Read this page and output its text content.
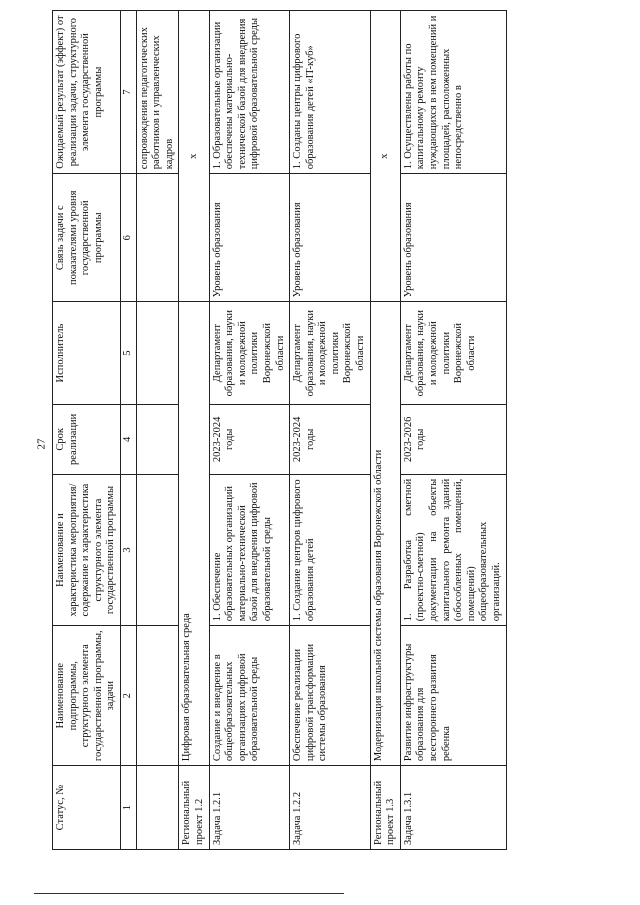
27
Статус, №	Наименование подпрограммы, структурного элемента государственной программы, задачи	Наименование и характеристика мероприятия/содержание и характеристика структурного элемента государственной программы	Срок реализации	Исполнитель	Связь задачи с показателями уровня государственной программы	Ожидаемый результат (эффект) от реализации задачи, структурного элемента государственной программы
1	2	3	4	5	6	7
						сопровождения педагогических работников и управленческих кадров
Региональный проект 1.2	Цифровая образовательная среда				х	
Задача 1.2.1	Создание и внедрение в общеобразовательных организациях цифровой образовательной среды	1. Обеспечение образовательных организаций материально-технической базой для внедрения цифровой образовательной среды	2023-2024 годы	Департамент образования, науки и молодежной политики Воронежской области	Уровень образования	1. Образовательные организации обеспечены материально-технической базой для внедрения цифровой образовательной среды
Задача 1.2.2	Обеспечение реализации цифровой трансформации системы образования	1. Создание центров цифрового образования детей	2023-2024 годы	Департамент образования, науки и молодежной политики Воронежской области	Уровень образования	1. Созданы центры цифрового образования детей «IT-куб»
Региональный проект 1.3	Модернизация школьной системы образования Воронежской области				х	
Задача 1.3.1	Развитие инфраструктуры образования для всестороннего развития ребенка	1. Разработка сметной (проектно-сметной) документации на объекты капитального ремонта зданий (обособленных помещений, помещений) общеобразовательных организаций.	2023-2026 годы	Департамент образования, науки и молодежной политики Воронежской области	Уровень образования	1. Осуществлены работы по капитальному ремонту нуждающихся в нем помещений и площадей, расположенных непосредственно в
